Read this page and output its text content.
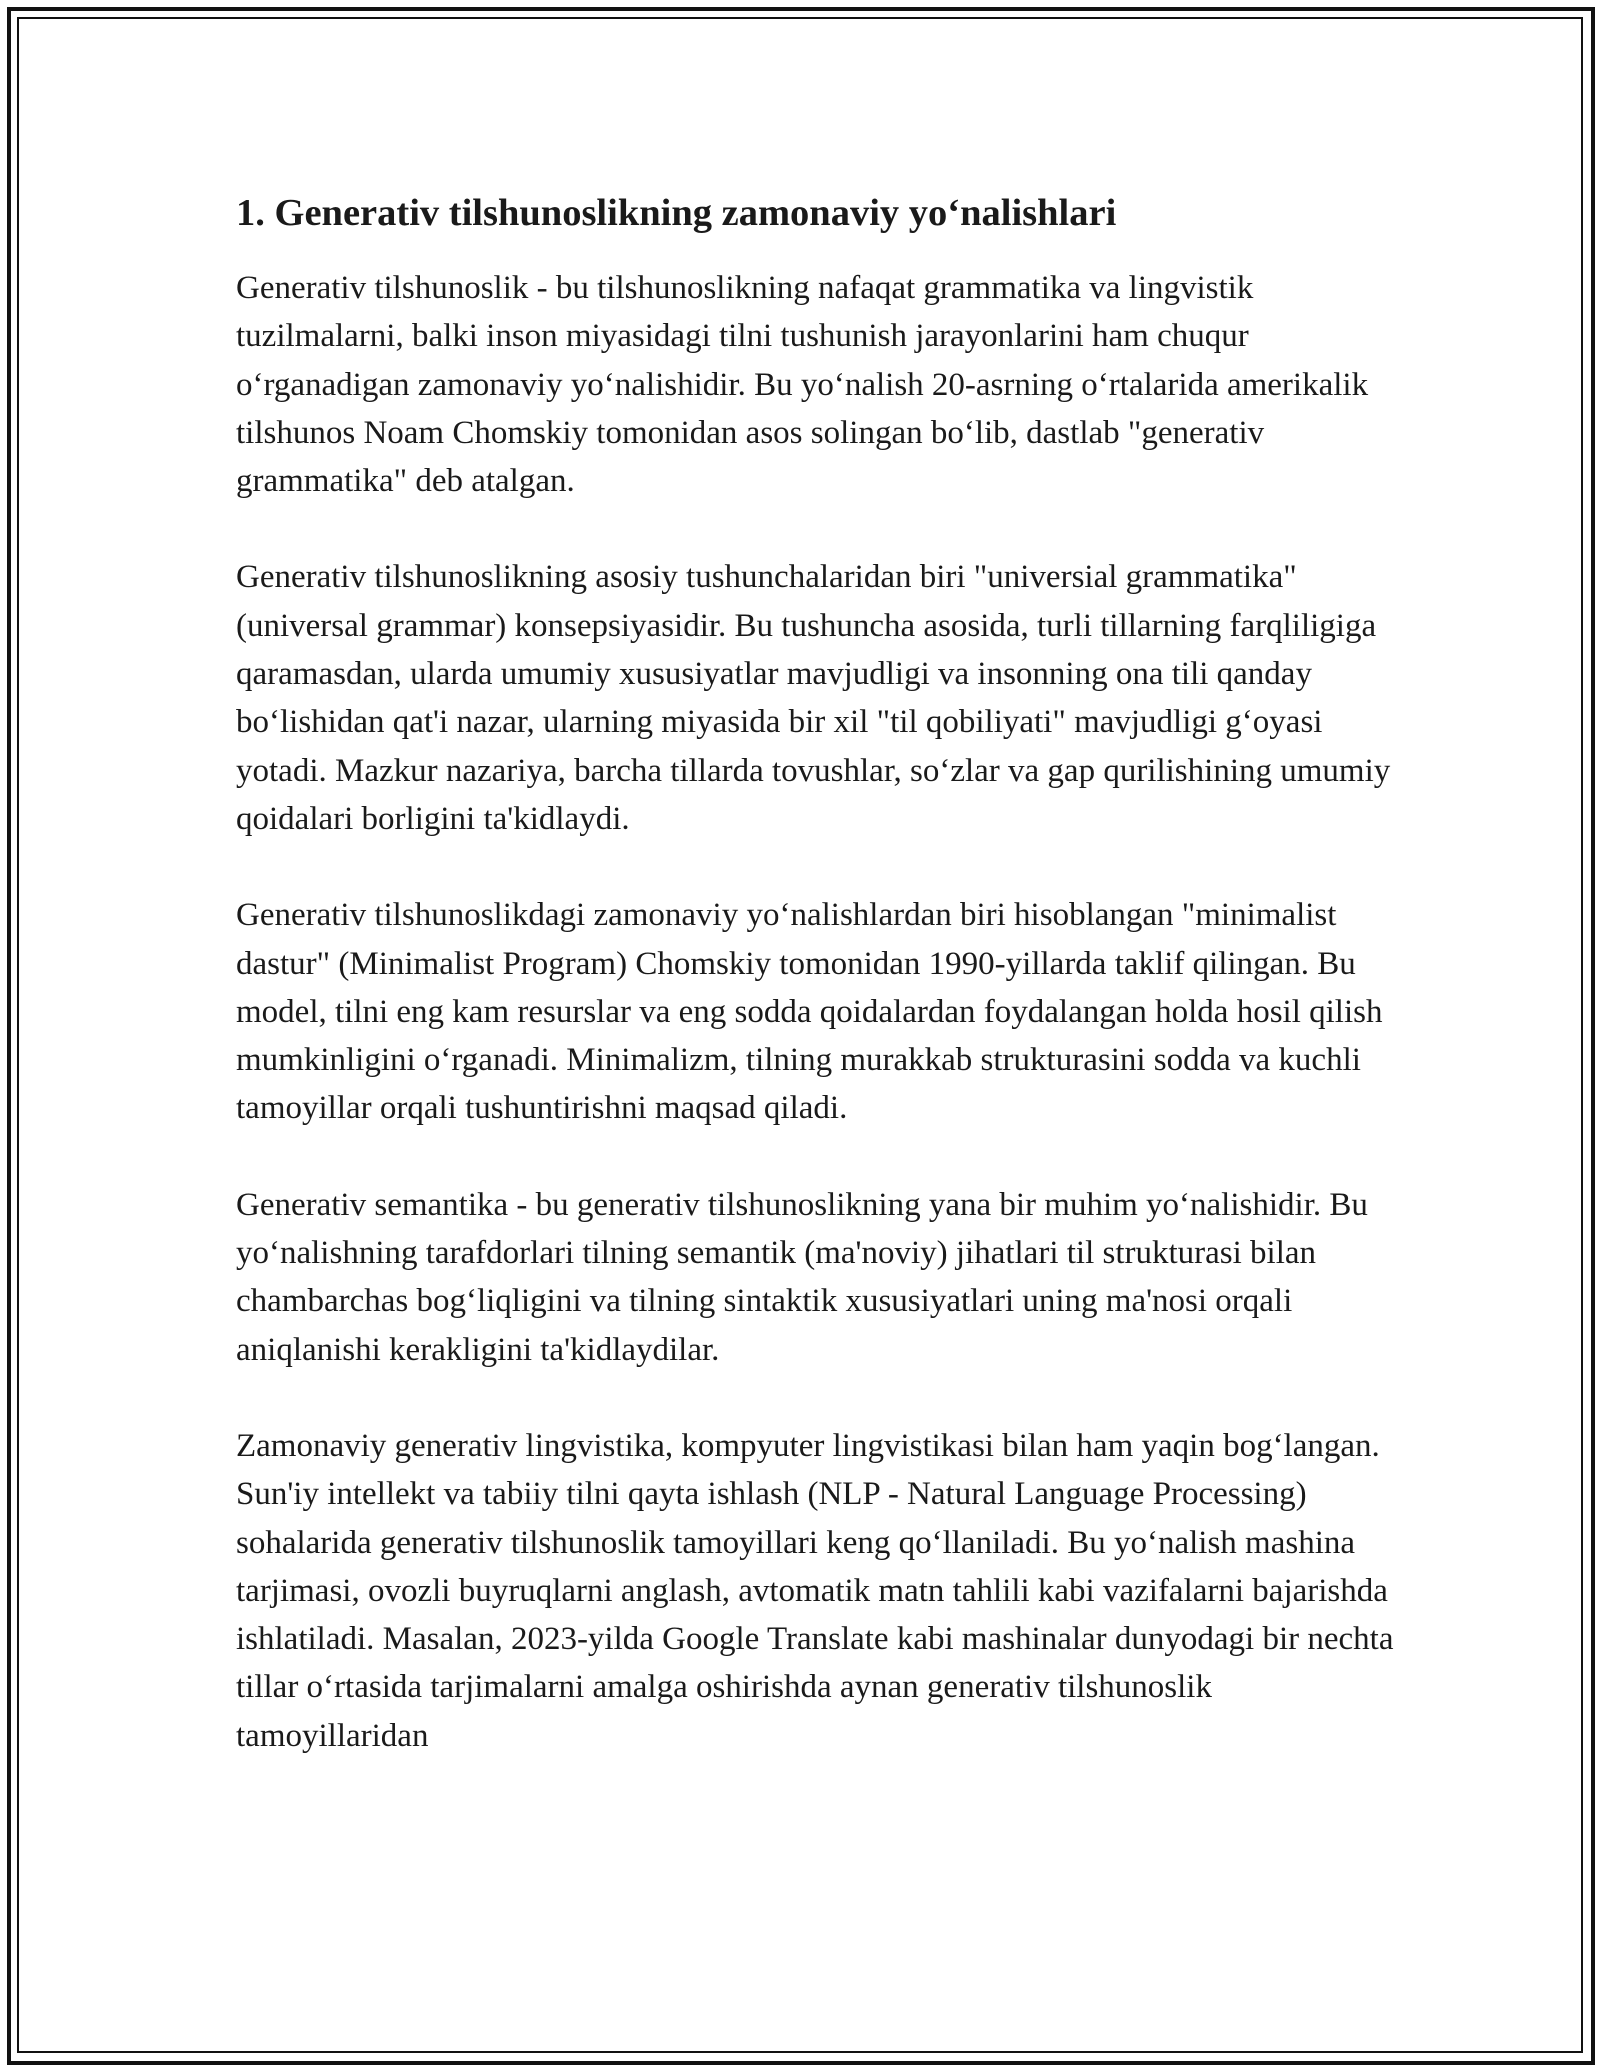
1. Generativ tilshunoslikning zamonaviy yo‘nalishlari

Generativ tilshunoslik - bu tilshunoslikning nafaqat grammatika va lingvistik tuzilmalarni, balki inson miyasidagi tilni tushunish jarayonlarini ham chuqur o‘rganadigan zamonaviy yo‘nalishidir. Bu yo‘nalish 20-asrning o‘rtalarida amerikalik tilshunos Noam Chomskiy tomonidan asos solingan bo‘lib, dastlab "generativ grammatika" deb atalgan.

Generativ tilshunoslikning asosiy tushunchalaridan biri "universial grammatika" (universal grammar) konsepsiyasidir. Bu tushuncha asosida, turli tillarning farqliligiga qaramasdan, ularda umumiy xususiyatlar mavjudligi va insonning ona tili qanday bo‘lishidan qat'i nazar, ularning miyasida bir xil "til qobiliyati" mavjudligi g‘oyasi yotadi. Mazkur nazariya, barcha tillarda tovushlar, so‘zlar va gap qurilishining umumiy qoidalari borligini ta'kidlaydi.

Generativ tilshunoslikdagi zamonaviy yo‘nalishlardan biri hisoblangan "minimalist dastur" (Minimalist Program) Chomskiy tomonidan 1990-yillarda taklif qilingan. Bu model, tilni eng kam resurslar va eng sodda qoidalardan foydalangan holda hosil qilish mumkinligini o‘rganadi. Minimalizm, tilning murakkab strukturasini sodda va kuchli tamoyillar orqali tushuntirishni maqsad qiladi.

Generativ semantika - bu generativ tilshunoslikning yana bir muhim yo‘nalishidir. Bu yo‘nalishning tarafdorlari tilning semantik (ma'noviy) jihatlari til strukturasi bilan chambarchas bog‘liqligini va tilning sintaktik xususiyatlari uning ma'nosi orqali aniqlanishi kerakligini ta'kidlaydilar.

Zamonaviy generativ lingvistika, kompyuter lingvistikasi bilan ham yaqin bog‘langan. Sun'iy intellekt va tabiiy tilni qayta ishlash (NLP - Natural Language Processing) sohalarida generativ tilshunoslik tamoyillari keng qo‘llaniladi. Bu yo‘nalish mashina tarjimasi, ovozli buyruqlarni anglash, avtomatik matn tahlili kabi vazifalarni bajarishda ishlatiladi. Masalan, 2023-yilda Google Translate kabi mashinalar dunyodagi bir nechta tillar o‘rtasida tarjimalarni amalga oshirishda aynan generativ tilshunoslik tamoyillaridan
